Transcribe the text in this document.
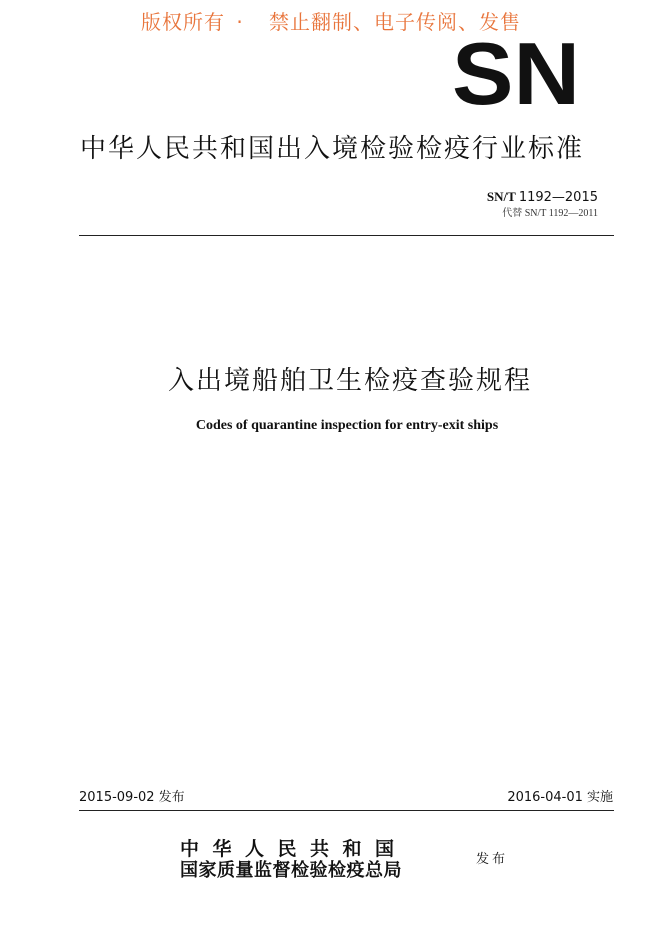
版权所有 · 禁止翻制、电子传阅、发售
SN
中华人民共和国出入境检验检疫行业标准
SN/T 1192—2015
代替 SN/T 1192—2011
入出境船舶卫生检疫查验规程
Codes of quarantine inspection for entry-exit ships
2015-09-02 发布	2016-04-01 实施
中华人民共和国
国家质量监督检验检疫总局
发布
